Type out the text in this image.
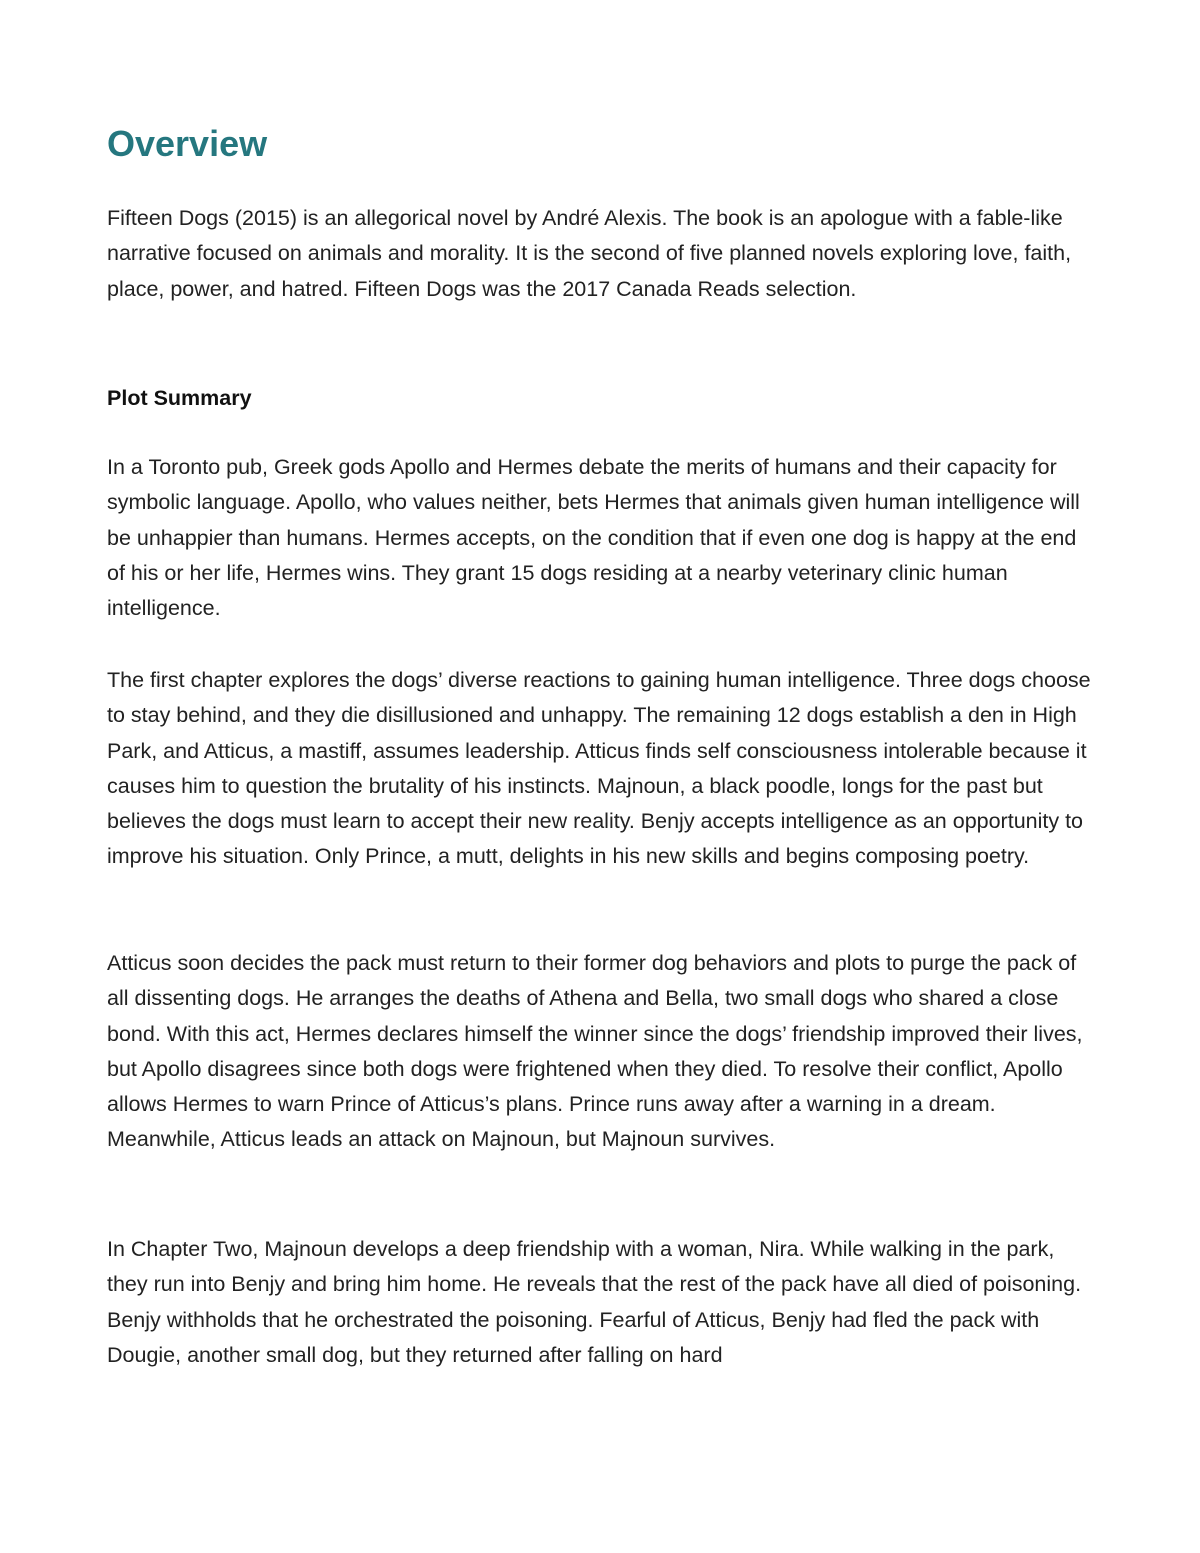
Overview

Fifteen Dogs (2015) is an allegorical novel by André Alexis. The book is an apologue with a fable-like narrative focused on animals and morality. It is the second of five planned novels exploring love, faith, place, power, and hatred. Fifteen Dogs was the 2017 Canada Reads selection.

Plot Summary

In a Toronto pub, Greek gods Apollo and Hermes debate the merits of humans and their capacity for symbolic language. Apollo, who values neither, bets Hermes that animals given human intelligence will be unhappier than humans. Hermes accepts, on the condition that if even one dog is happy at the end of his or her life, Hermes wins. They grant 15 dogs residing at a nearby veterinary clinic human intelligence.

The first chapter explores the dogs’ diverse reactions to gaining human intelligence. Three dogs choose to stay behind, and they die disillusioned and unhappy. The remaining 12 dogs establish a den in High Park, and Atticus, a mastiff, assumes leadership. Atticus finds self consciousness intolerable because it causes him to question the brutality of his instincts. Majnoun, a black poodle, longs for the past but believes the dogs must learn to accept their new reality. Benjy accepts intelligence as an opportunity to improve his situation. Only Prince, a mutt, delights in his new skills and begins composing poetry.

Atticus soon decides the pack must return to their former dog behaviors and plots to purge the pack of all dissenting dogs. He arranges the deaths of Athena and Bella, two small dogs who shared a close bond. With this act, Hermes declares himself the winner since the dogs’ friendship improved their lives, but Apollo disagrees since both dogs were frightened when they died. To resolve their conflict, Apollo allows Hermes to warn Prince of Atticus’s plans. Prince runs away after a warning in a dream. Meanwhile, Atticus leads an attack on Majnoun, but Majnoun survives.

In Chapter Two, Majnoun develops a deep friendship with a woman, Nira. While walking in the park, they run into Benjy and bring him home. He reveals that the rest of the pack have all died of poisoning. Benjy withholds that he orchestrated the poisoning. Fearful of Atticus, Benjy had fled the pack with Dougie, another small dog, but they returned after falling on hard
